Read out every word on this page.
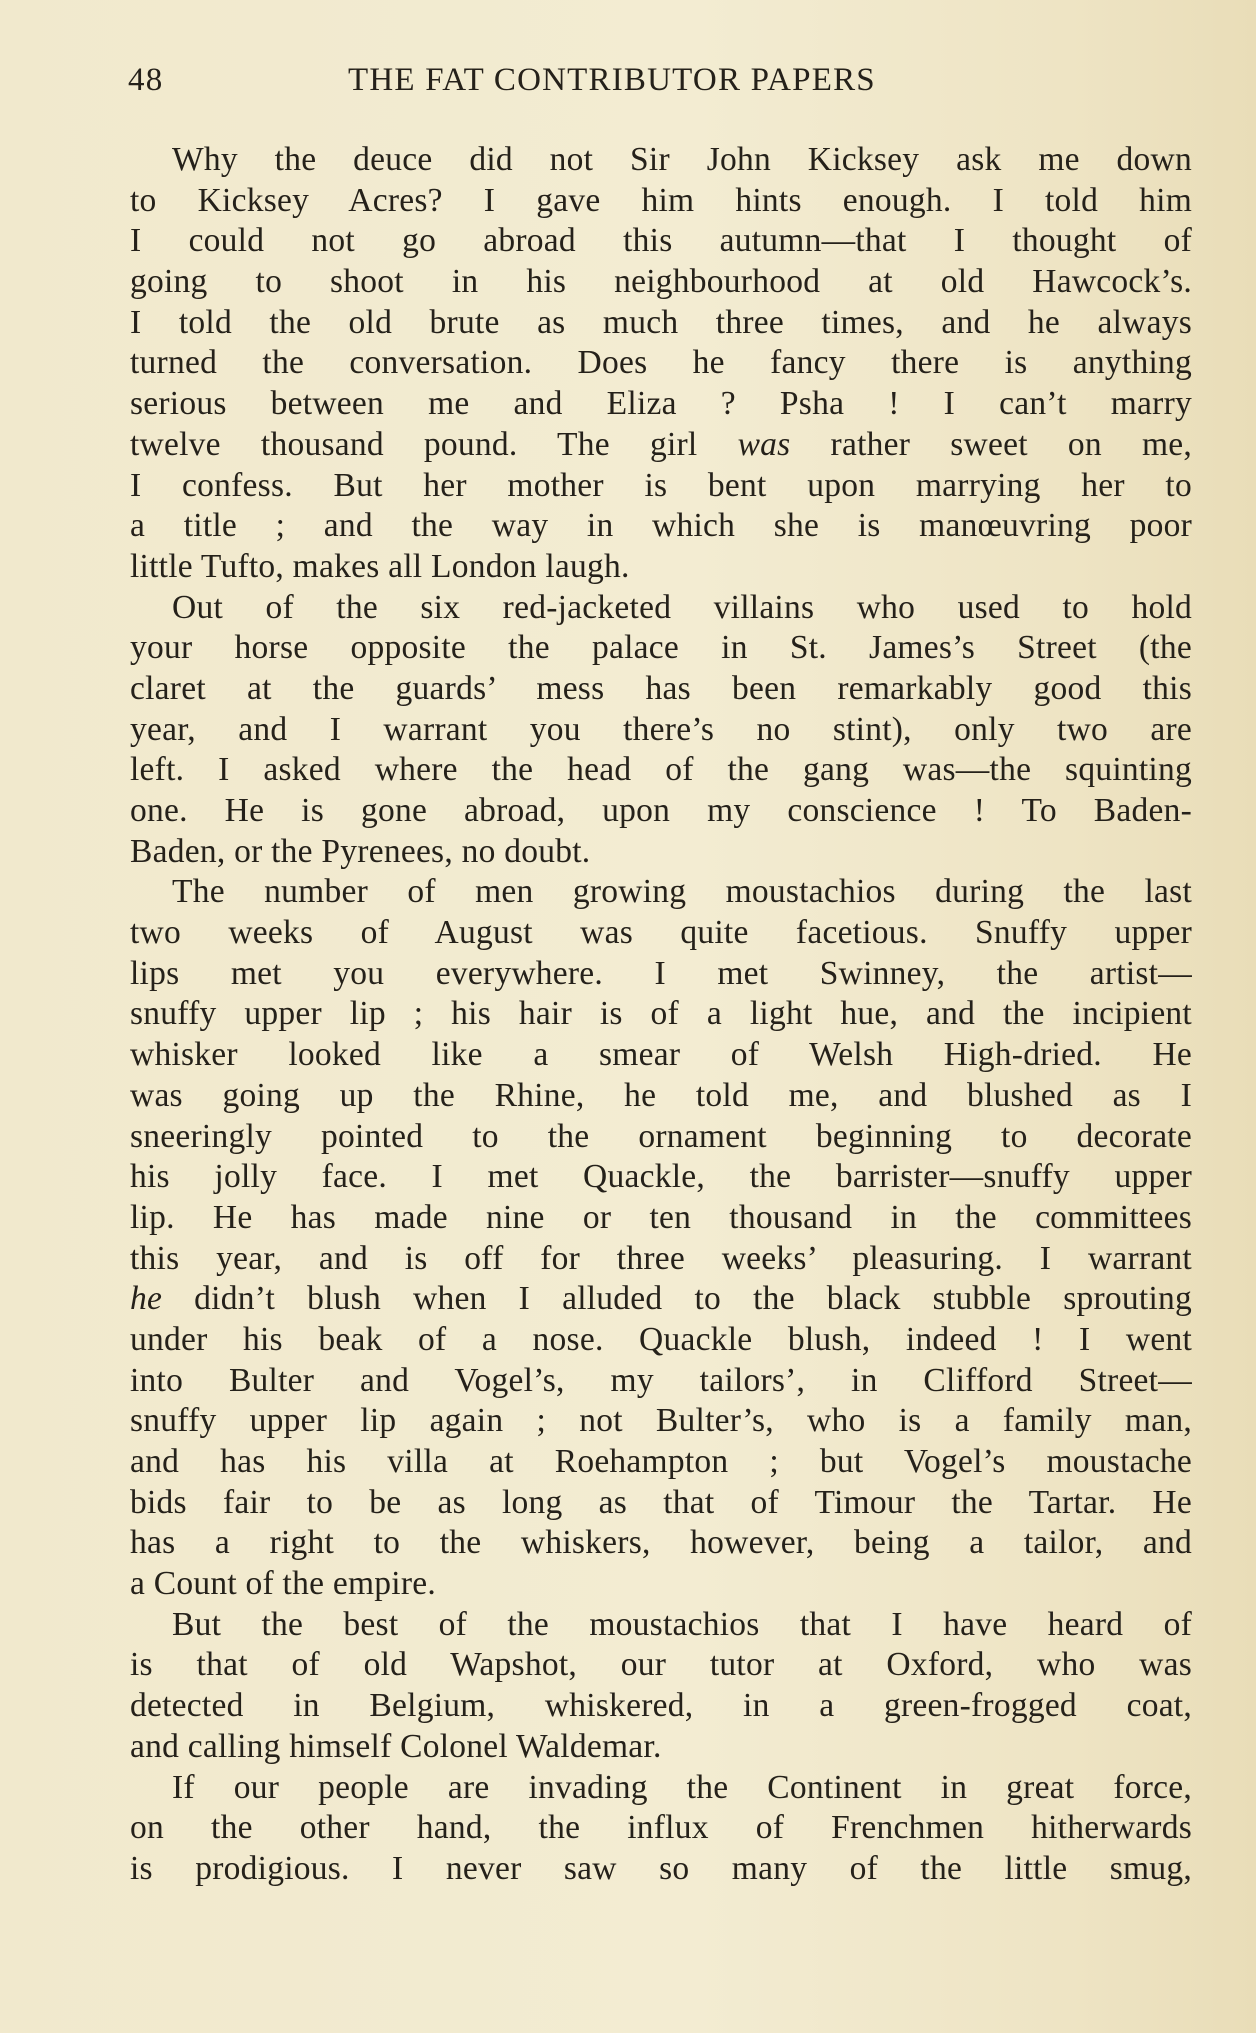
48	THE FAT CONTRIBUTOR PAPERS
Why the deuce did not Sir John Kicksey ask me down
to Kicksey Acres? I gave him hints enough. I told him
I could not go abroad this autumn—that I thought of
going to shoot in his neighbourhood at old Hawcock’s.
I told the old brute as much three times, and he always
turned the conversation. Does he fancy there is anything
serious between me and Eliza ? Psha ! I can’t marry
twelve thousand pound. The girl was rather sweet on me,
I confess. But her mother is bent upon marrying her to
a title ; and the way in which she is manœuvring poor
little Tufto, makes all London laugh.
Out of the six red-jacketed villains who used to hold
your horse opposite the palace in St. James’s Street (the
claret at the guards’ mess has been remarkably good this
year, and I warrant you there’s no stint), only two are
left. I asked where the head of the gang was—the squinting
one. He is gone abroad, upon my conscience ! To Baden-
Baden, or the Pyrenees, no doubt.
The number of men growing moustachios during the last
two weeks of August was quite facetious. Snuffy upper
lips met you everywhere. I met Swinney, the artist—
snuffy upper lip ; his hair is of a light hue, and the incipient
whisker looked like a smear of Welsh High-dried. He
was going up the Rhine, he told me, and blushed as I
sneeringly pointed to the ornament beginning to decorate
his jolly face. I met Quackle, the barrister—snuffy upper
lip. He has made nine or ten thousand in the committees
this year, and is off for three weeks’ pleasuring. I warrant
he didn’t blush when I alluded to the black stubble sprouting
under his beak of a nose. Quackle blush, indeed ! I went
into Bulter and Vogel’s, my tailors’, in Clifford Street—
snuffy upper lip again ; not Bulter’s, who is a family man,
and has his villa at Roehampton ; but Vogel’s moustache
bids fair to be as long as that of Timour the Tartar. He
has a right to the whiskers, however, being a tailor, and
a Count of the empire.
But the best of the moustachios that I have heard of
is that of old Wapshot, our tutor at Oxford, who was
detected in Belgium, whiskered, in a green-frogged coat,
and calling himself Colonel Waldemar.
If our people are invading the Continent in great force,
on the other hand, the influx of Frenchmen hitherwards
is prodigious. I never saw so many of the little smug,
